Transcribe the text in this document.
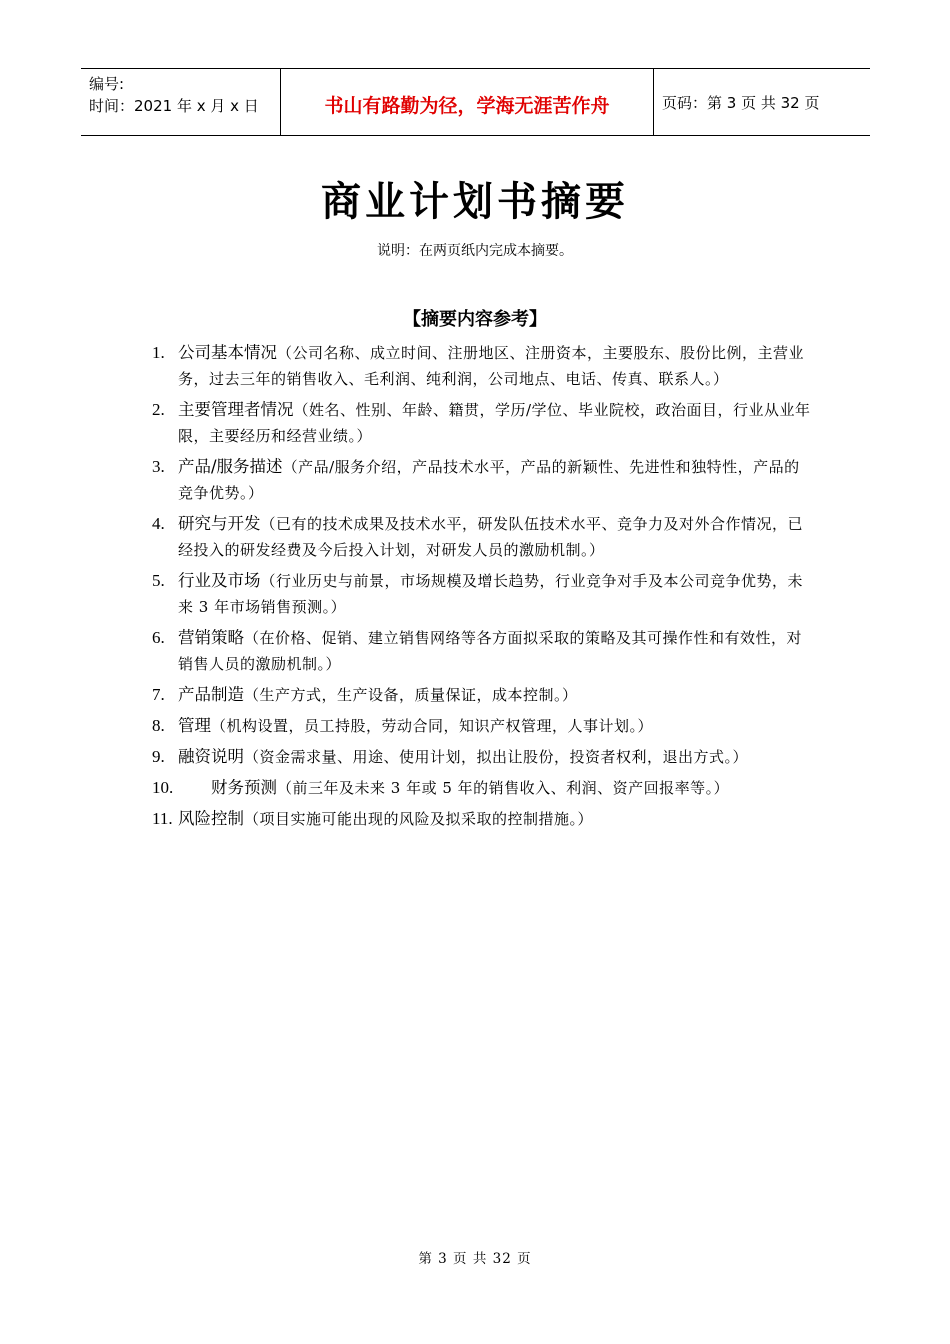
编号:
时间：2021 年 x 月 x 日	书山有路勤为径，学海无涯苦作舟	页码：第 3 页 共 32 页
商业计划书摘要
说明：在两页纸内完成本摘要。
【摘要内容参考】
1. 公司基本情况（公司名称、成立时间、注册地区、注册资本，主要股东、股份比例，主营业务，过去三年的销售收入、毛利润、纯利润，公司地点、电话、传真、联系人。）
2. 主要管理者情况（姓名、性别、年龄、籍贯，学历/学位、毕业院校，政治面目，行业从业年限，主要经历和经营业绩。）
3. 产品/服务描述（产品/服务介绍，产品技术水平，产品的新颖性、先进性和独特性，产品的竞争优势。）
4. 研究与开发（已有的技术成果及技术水平，研发队伍技术水平、竞争力及对外合作情况，已经投入的研发经费及今后投入计划，对研发人员的激励机制。）
5. 行业及市场（行业历史与前景，市场规模及增长趋势，行业竞争对手及本公司竞争优势，未来 3 年市场销售预测。）
6. 营销策略（在价格、促销、建立销售网络等各方面拟采取的策略及其可操作性和有效性，对销售人员的激励机制。）
7. 产品制造（生产方式，生产设备，质量保证，成本控制。）
8. 管理（机构设置，员工持股，劳动合同，知识产权管理，人事计划。）
9. 融资说明（资金需求量、用途、使用计划，拟出让股份，投资者权利，退出方式。）
10.	财务预测（前三年及未来 3 年或 5 年的销售收入、利润、资产回报率等。）
11. 风险控制（项目实施可能出现的风险及拟采取的控制措施。）
第 3 页 共 32 页
